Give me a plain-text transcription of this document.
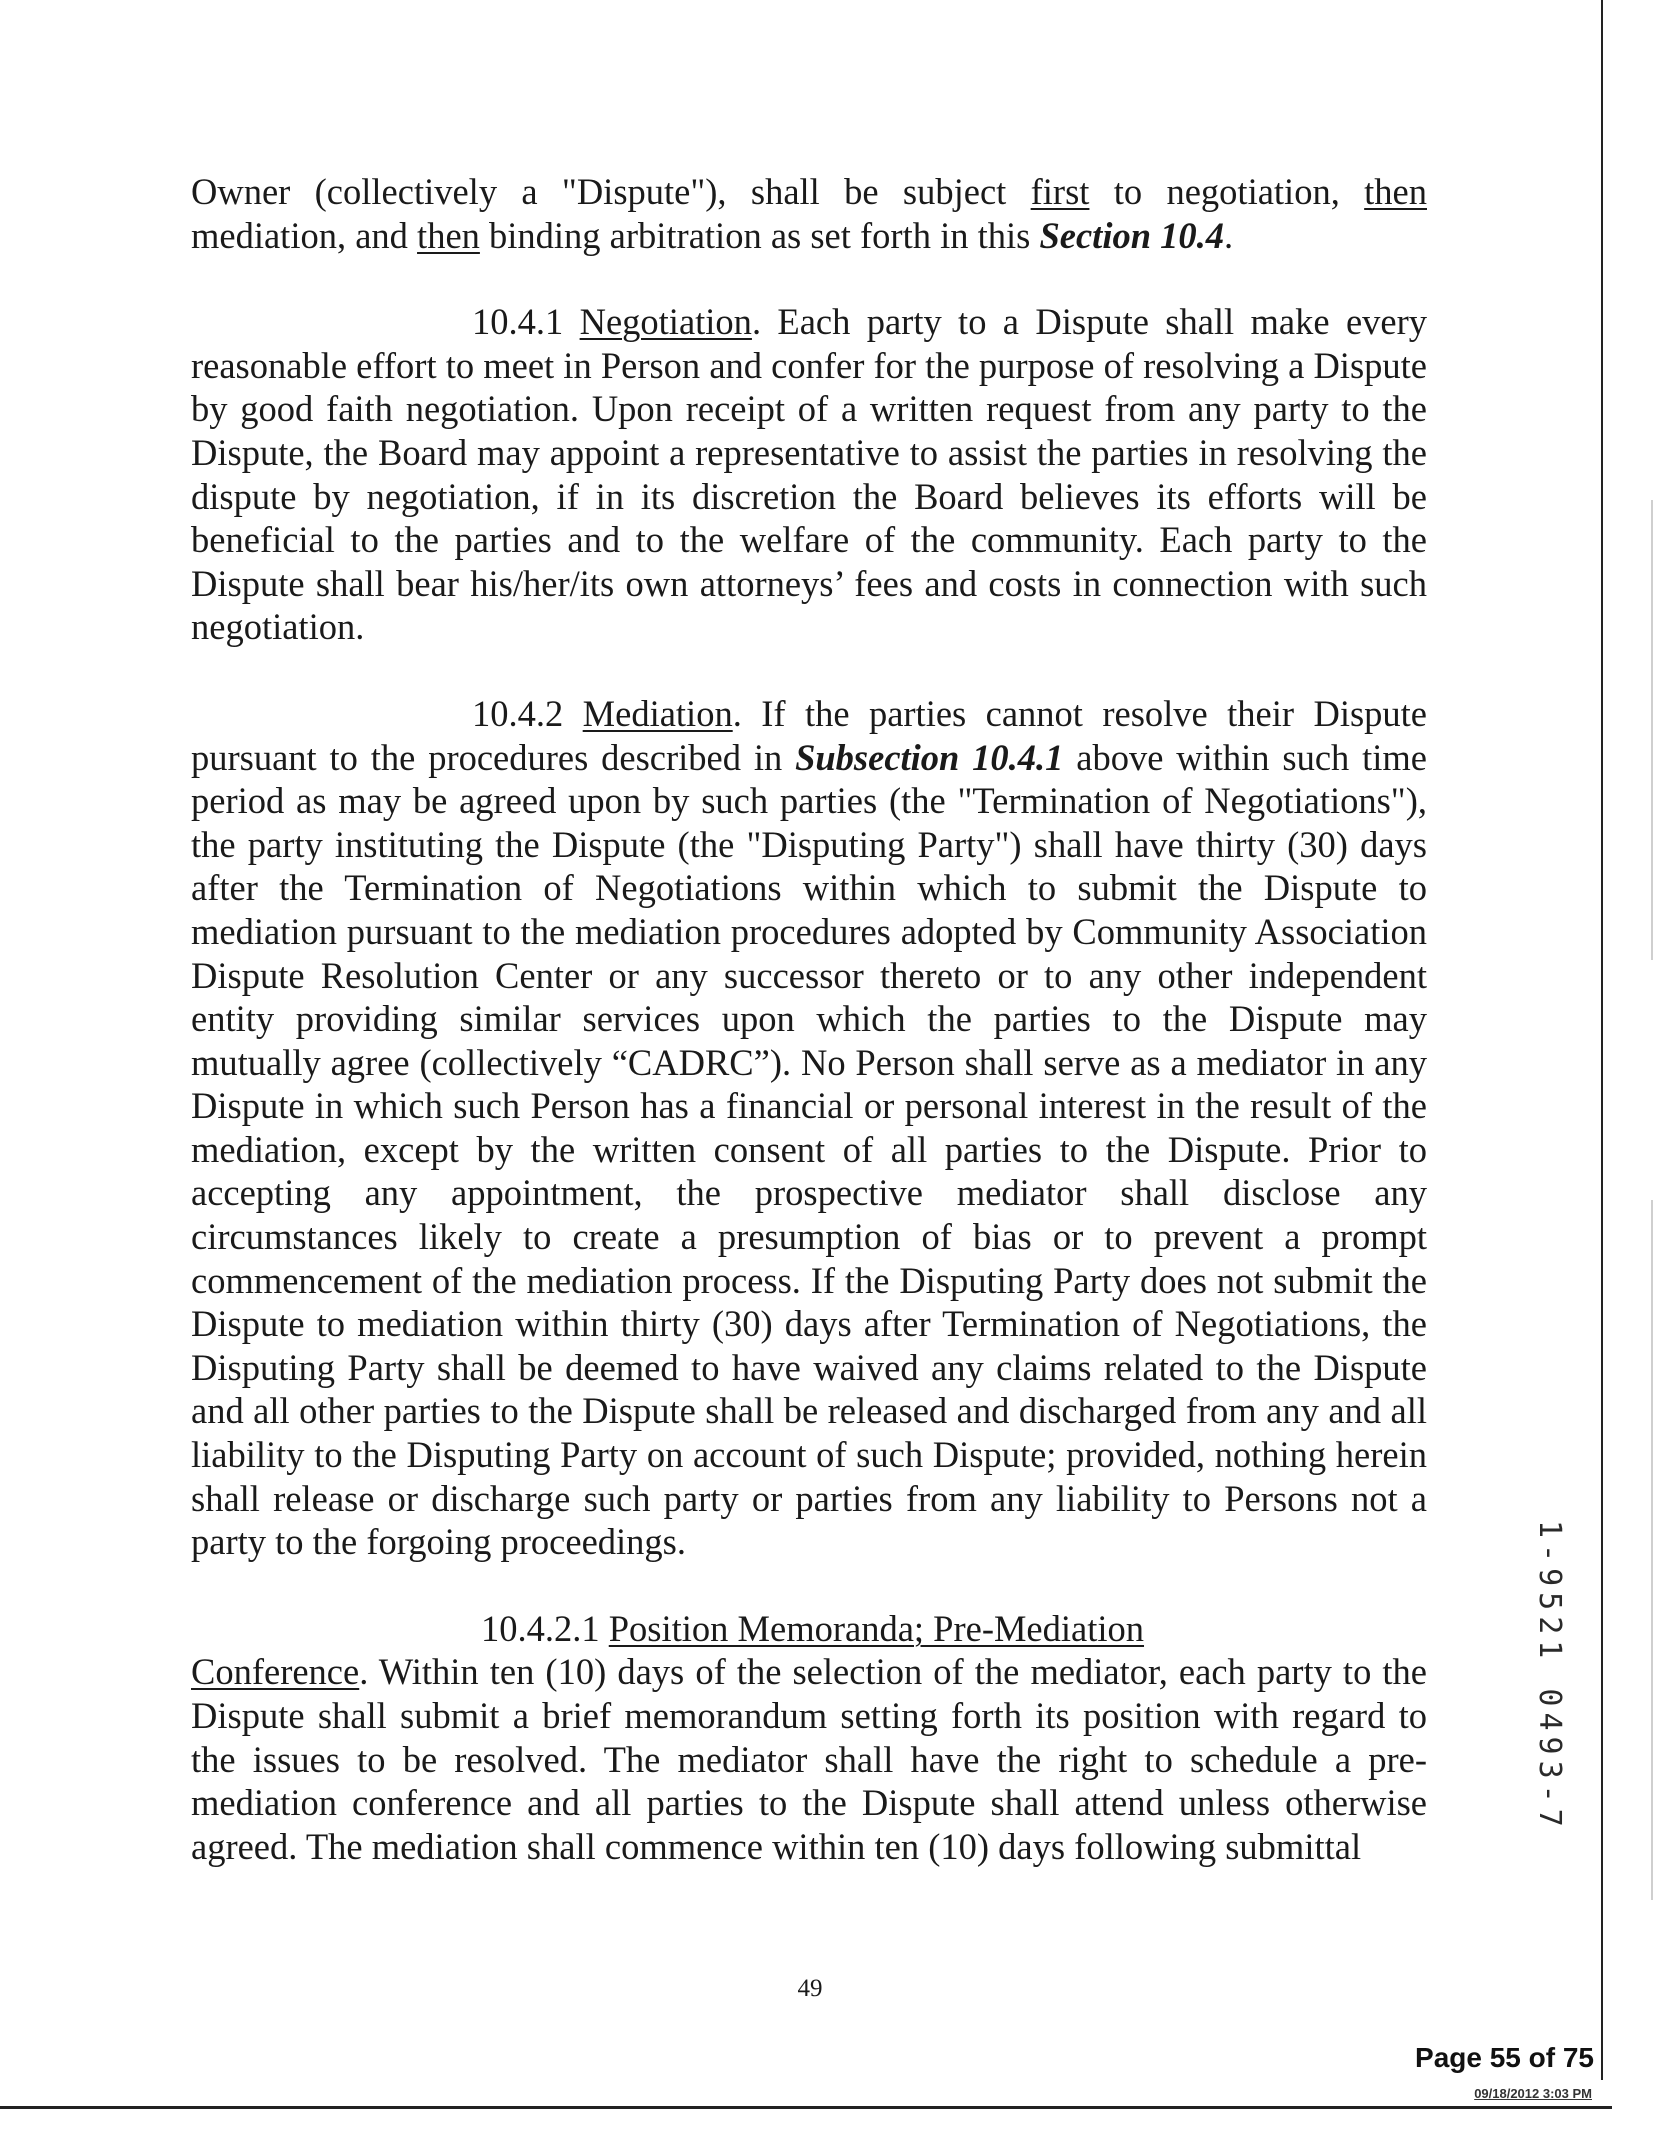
Owner (collectively a "Dispute"), shall be subject first to negotiation, then mediation, and then binding arbitration as set forth in this Section 10.4.

10.4.1 Negotiation. Each party to a Dispute shall make every reasonable effort to meet in Person and confer for the purpose of resolving a Dispute by good faith negotiation. Upon receipt of a written request from any party to the Dispute, the Board may appoint a representative to assist the parties in resolving the dispute by negotiation, if in its discretion the Board believes its efforts will be beneficial to the parties and to the welfare of the community. Each party to the Dispute shall bear his/her/its own attorneys’ fees and costs in connection with such negotiation.

10.4.2 Mediation. If the parties cannot resolve their Dispute pursuant to the procedures described in Subsection 10.4.1 above within such time period as may be agreed upon by such parties (the "Termination of Negotiations"), the party instituting the Dispute (the "Disputing Party") shall have thirty (30) days after the Termination of Negotiations within which to submit the Dispute to mediation pursuant to the mediation procedures adopted by Community Association Dispute Resolution Center or any successor thereto or to any other independent entity providing similar services upon which the parties to the Dispute may mutually agree (collectively “CADRC”). No Person shall serve as a mediator in any Dispute in which such Person has a financial or personal interest in the result of the mediation, except by the written consent of all parties to the Dispute. Prior to accepting any appointment, the prospective mediator shall disclose any circumstances likely to create a presumption of bias or to prevent a prompt commencement of the mediation process. If the Disputing Party does not submit the Dispute to mediation within thirty (30) days after Termination of Negotiations, the Disputing Party shall be deemed to have waived any claims related to the Dispute and all other parties to the Dispute shall be released and discharged from any and all liability to the Disputing Party on account of such Dispute; provided, nothing herein shall release or discharge such party or parties from any liability to Persons not a party to the forgoing proceedings.

10.4.2.1 Position Memoranda; Pre-Mediation

Conference. Within ten (10) days of the selection of the mediator, each party to the Dispute shall submit a brief memorandum setting forth its position with regard to the issues to be resolved. The mediator shall have the right to schedule a pre-mediation conference and all parties to the Dispute shall attend unless otherwise agreed. The mediation shall commence within ten (10) days following submittal

1-9521 0493-7
49
Page 55 of 75
09/18/2012 3:03 PM
